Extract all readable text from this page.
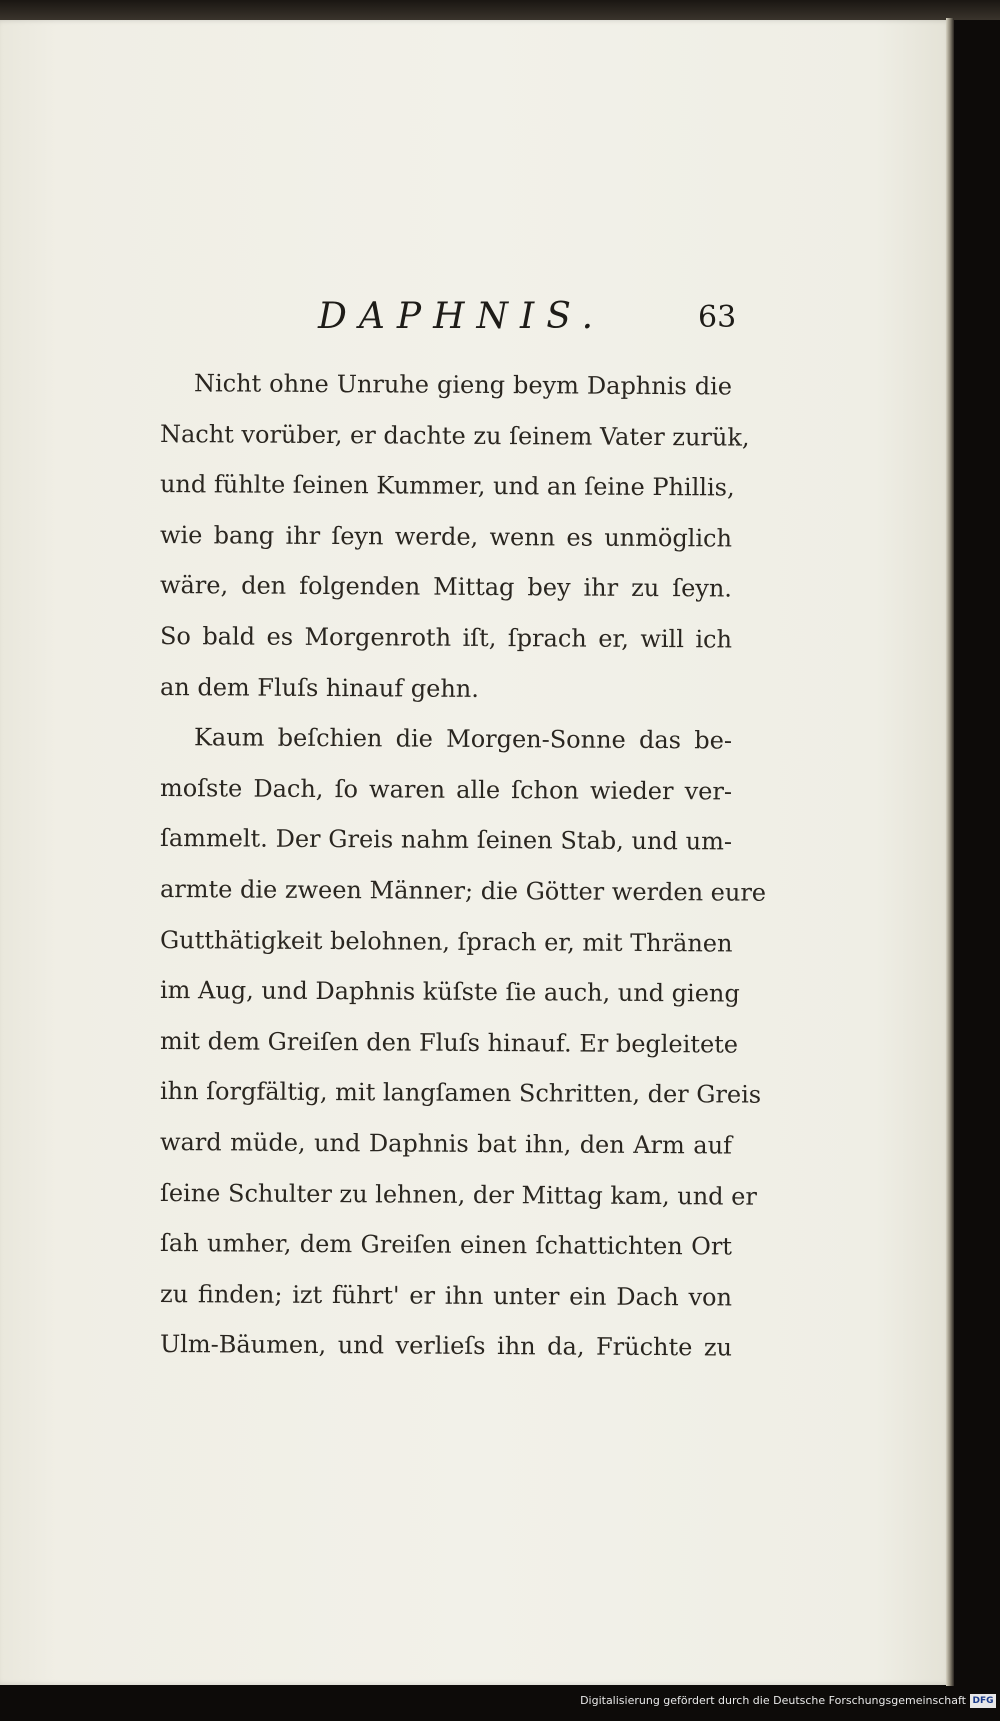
DAPHNIS.	63
Nicht ohne Unruhe gieng beym Daphnis die
Nacht vorüber, er dachte zu ſeinem Vater zurük,
und fühlte ſeinen Kummer, und an ſeine Phillis,
wie bang ihr ſeyn werde, wenn es unmöglich
wäre, den folgenden Mittag bey ihr zu ſeyn.
So bald es Morgenroth iſt, ſprach er, will ich
an dem Fluſs hinauf gehn.
Kaum beſchien die Morgen-Sonne das be-
moſste Dach, ſo waren alle ſchon wieder ver-
ſammelt. Der Greis nahm ſeinen Stab, und um-
armte die zween Männer; die Götter werden eure
Gutthätigkeit belohnen, ſprach er, mit Thränen
im Aug, und Daphnis küſste ſie auch, und gieng
mit dem Greiſen den Fluſs hinauf. Er begleitete
ihn ſorgfältig, mit langſamen Schritten, der Greis
ward müde, und Daphnis bat ihn, den Arm auf
ſeine Schulter zu lehnen, der Mittag kam, und er
ſah umher, dem Greiſen einen ſchattichten Ort
zu finden; izt führt' er ihn unter ein Dach von
Ulm-Bäumen, und verlieſs ihn da, Früchte zu
Digitalisierung gefördert durch die Deutsche Forschungsgemeinschaft DFG
